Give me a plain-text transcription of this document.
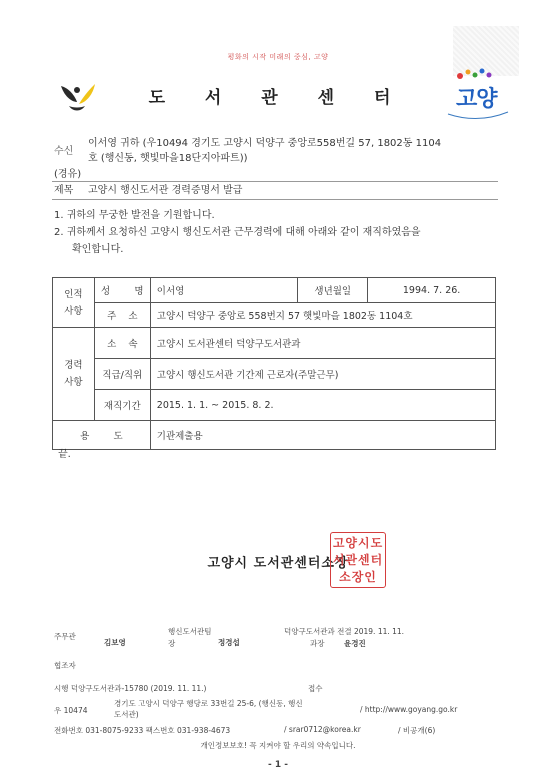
평화의 시작 미래의 중심, 고양
도 서 관 센 터	고양
수신
이서영 귀하 (우10494 경기도 고양시 덕양구 중앙로558번길 57, 1802동 1104
호 (행신동, 햇빛마을18단지아파트))
(경유)
제목 고양시 행신도서관 경력증명서 발급
1. 귀하의 무궁한 발전을 기원합니다.
2. 귀하께서 요청하신 고양시 행신도서관 근무경력에 대해 아래와 같이 재직하였음을
확인합니다.
인적
사항	성        명	이서영	생년월일	1994. 7. 26.
	주    소	고양시 덕양구 중앙로 558번지 57 햇빛마을 1802동 1104호		
경력
사항	소    속	고양시 도서관센터 덕양구도서관과		
	직급/직위	고양시 행신도서관 기간제 근로자(주말근무)		
	재직기간	2015. 1. 1. ~ 2015. 8. 2.		
용        도		기관제출용		
끝.
고양시 도서관센터소장
고양시도
서관센터
소장인
주무관
김보영
행신도서관팀
장	정경섭
덕양구도서관과 전결 2019. 11. 11.
과장	윤경진
협조자
시행 덕양구도서관과-15780 (2019. 11. 11.)	접수
우 10474
경기도 고양시 덕양구 행당로 33번길 25-6, (행신동, 행신
도서관)
/ http://www.goyang.go.kr
전화번호 031-8075-9233 팩스번호 031-938-4673	/ srar0712@korea.kr	/ 비공개(6)
개인정보보호! 꼭 지켜야 할 우리의 약속입니다.
- 1 -
